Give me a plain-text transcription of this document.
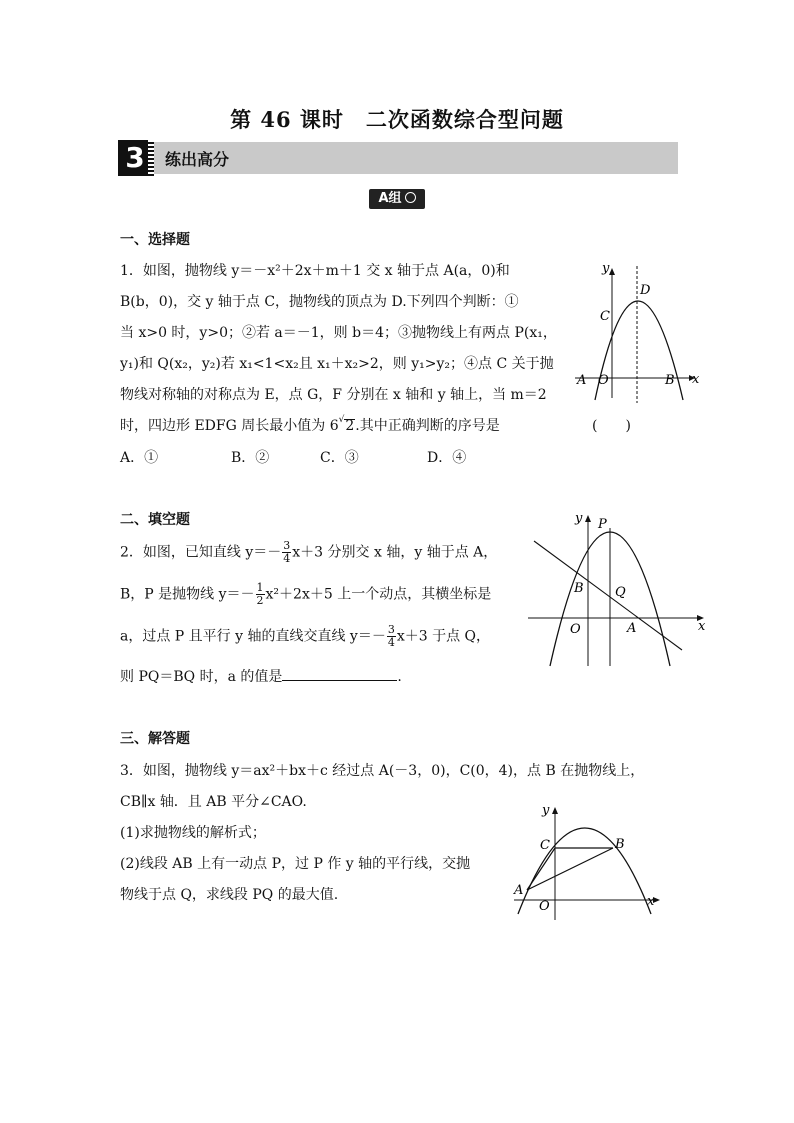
第 46 课时　二次函数综合型问题
3	练出高分
A组
一、选择题
1．如图，抛物线 y＝－x²＋2x＋m＋1 交 x 轴于点 A(a，0)和
B(b，0)，交 y 轴于点 C，抛物线的顶点为 D.下列四个判断：①
当 x>0 时，y>0；②若 a＝－1，则 b＝4；③抛物线上有两点 P(x₁，
y₁)和 Q(x₂，y₂)若 x₁<1<x₂且 x₁＋x₂>2，则 y₁>y₂；④点 C 关于抛
物线对称轴的对称点为 E，点 G，F 分别在 x 轴和 y 轴上，当 m＝2
时，四边形 EDFG 周长最小值为 6√2.其中正确判断的序号是	(　　)
A．①	B．②	C．③	D．④
y
x
D
C
A O	B
二、填空题
2．如图，已知直线 $y=- \frac{3}{4} x+3$ 分别交 x 轴，y 轴于点 A，
B，P 是抛物线 $y=- \frac{1}{2} x^2+2x+5$ 上一个动点，其横坐标是
a，过点 P 且平行 y 轴的直线交直线 $y=- \frac{3}{4} x+3$ 于点 Q，
则 PQ＝BQ 时，a 的值是	.
y
x
P
B Q
O	A
三、解答题
3．如图，抛物线 y＝ax²＋bx＋c 经过点 A(－3，0)，C(0，4)，点 B 在抛物线上，
CB∥x 轴．且 AB 平分∠CAO.
(1)求抛物线的解析式；
(2)线段 AB 上有一动点 P，过 P 作 y 轴的平行线，交抛
物线于点 Q，求线段 PQ 的最大值.
y
x
C	B
A
O
